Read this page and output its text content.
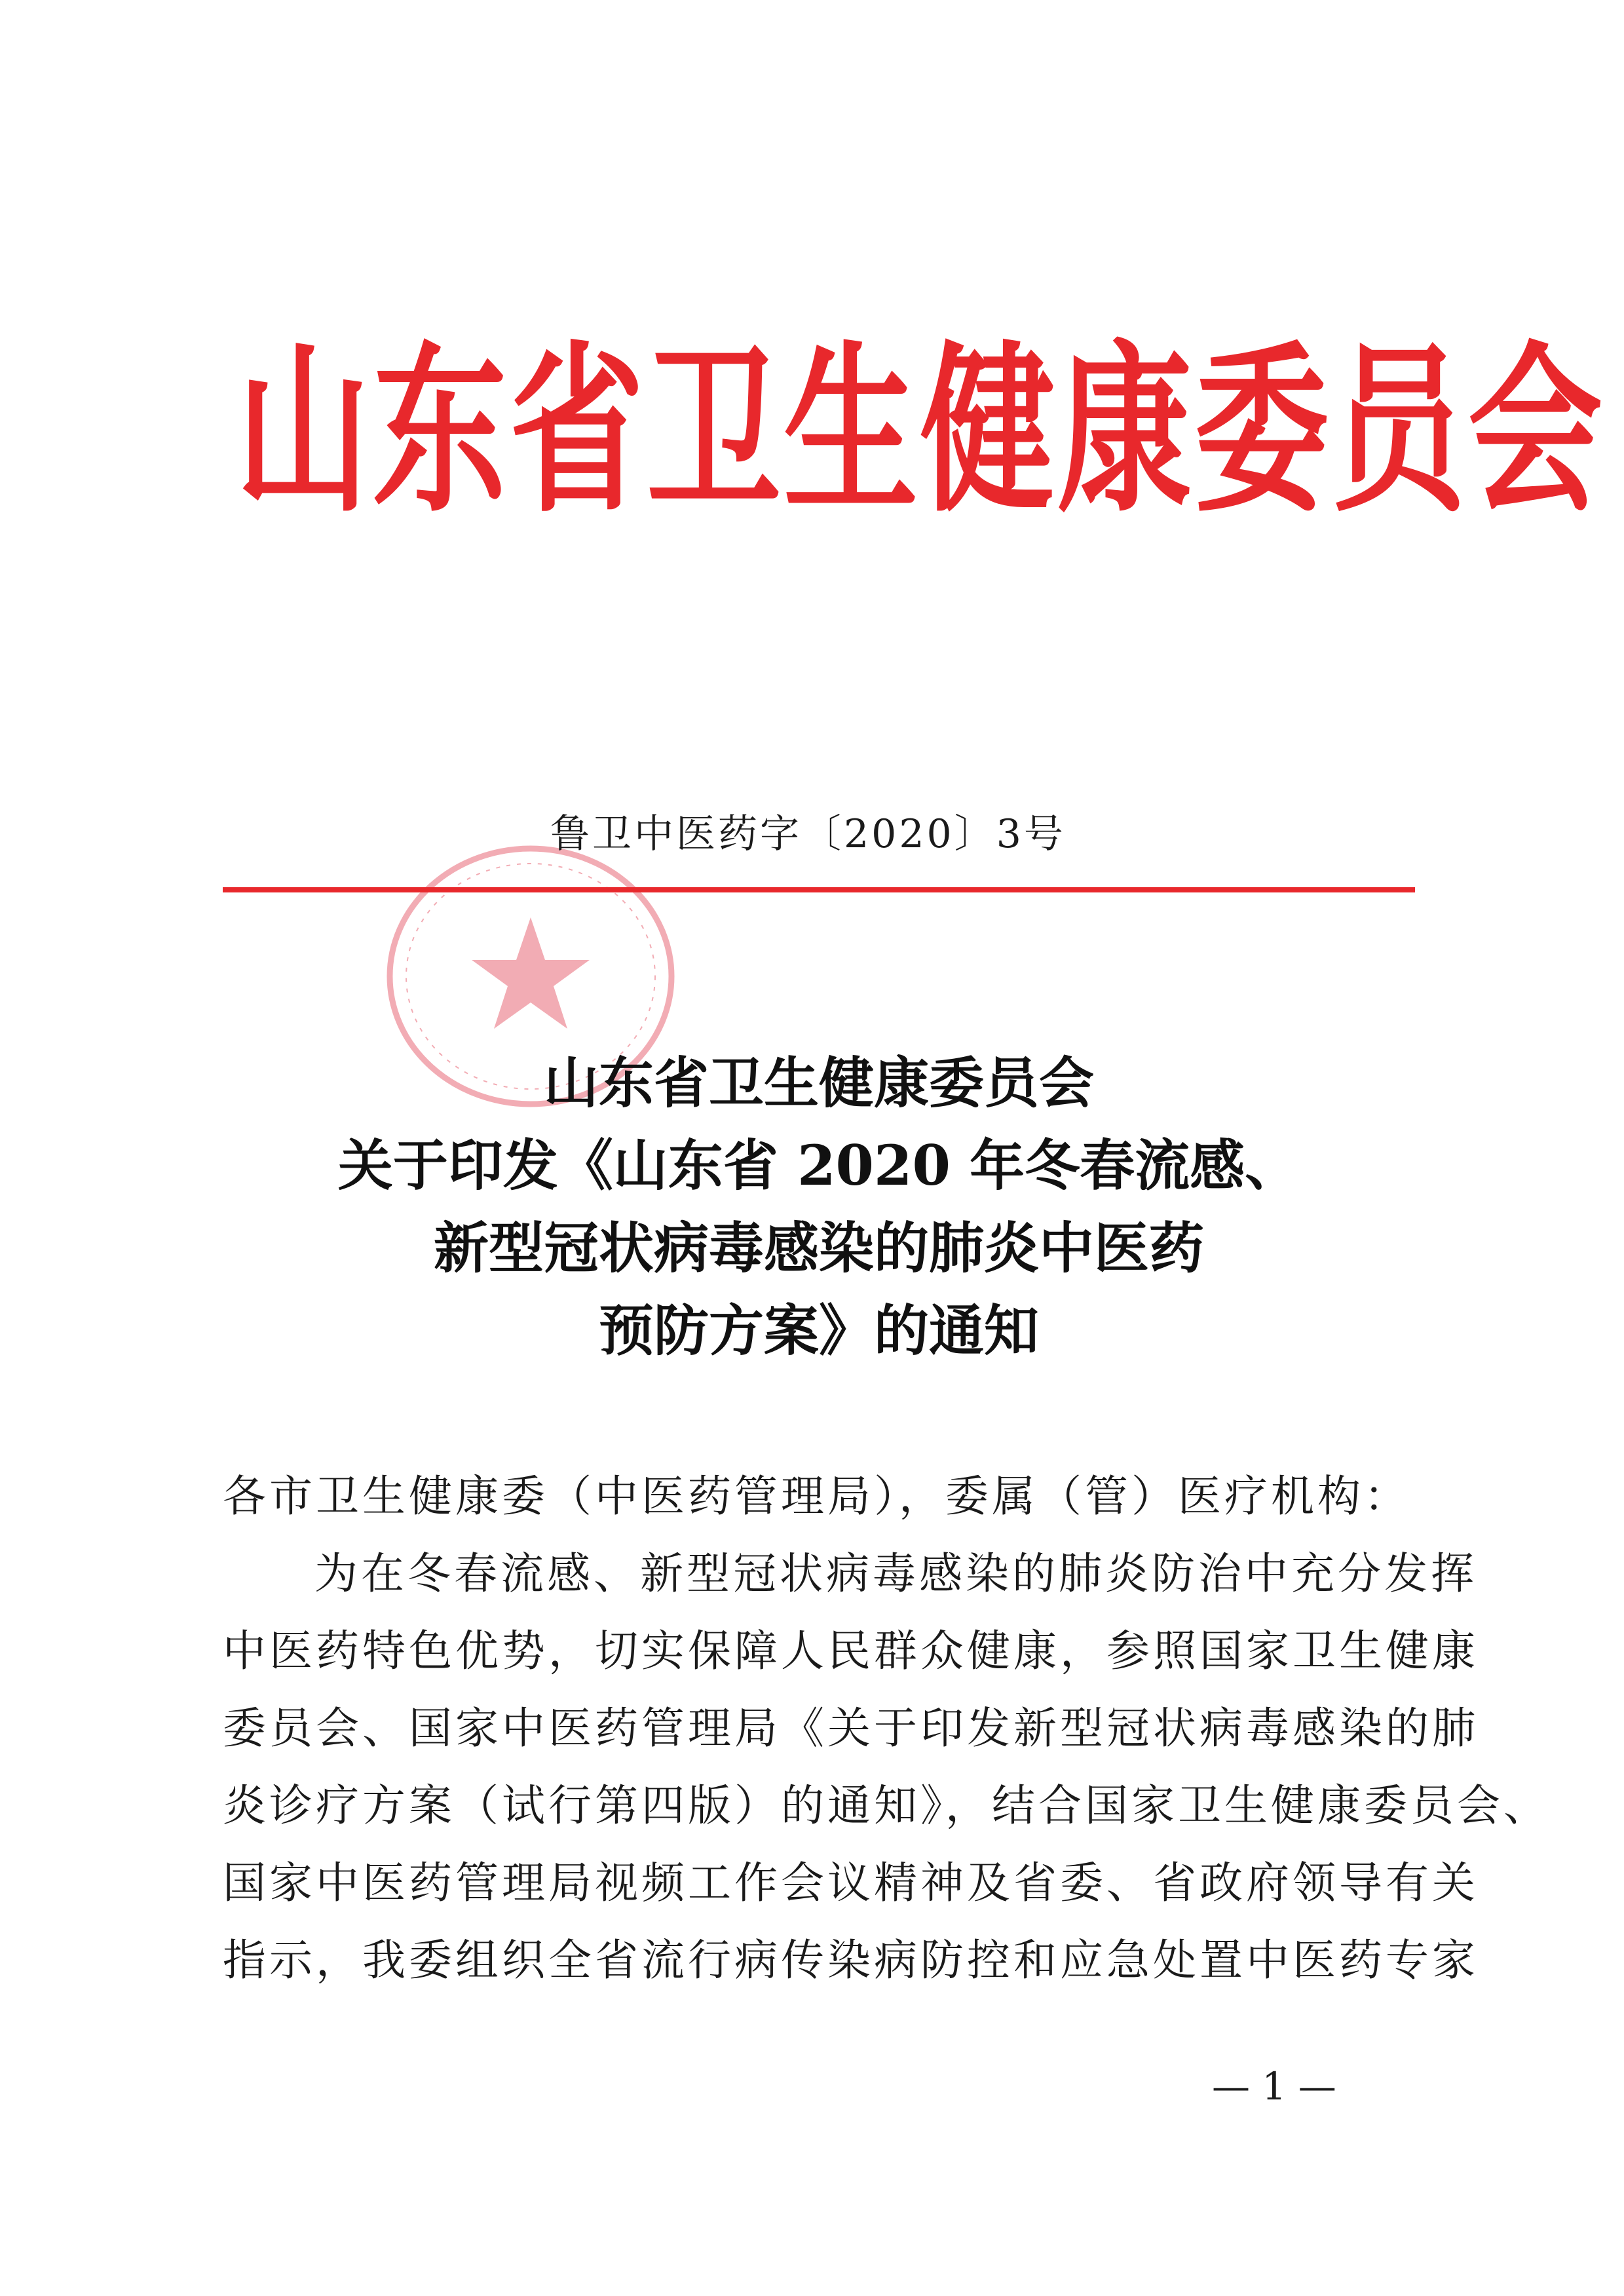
山东省卫生健康委员会
鲁卫中医药字〔2020〕3号
山东省卫生健康委员会
关于印发《山东省 2020 年冬春流感、
新型冠状病毒感染的肺炎中医药
预防方案》的通知
各市卫生健康委（中医药管理局），委属（管）医疗机构：
为在冬春流感、新型冠状病毒感染的肺炎防治中充分发挥
中医药特色优势，切实保障人民群众健康，参照国家卫生健康
委员会、国家中医药管理局《关于印发新型冠状病毒感染的肺
炎诊疗方案（试行第四版）的通知》，结合国家卫生健康委员会、
国家中医药管理局视频工作会议精神及省委、省政府领导有关
指示，我委组织全省流行病传染病防控和应急处置中医药专家
— 1 —
